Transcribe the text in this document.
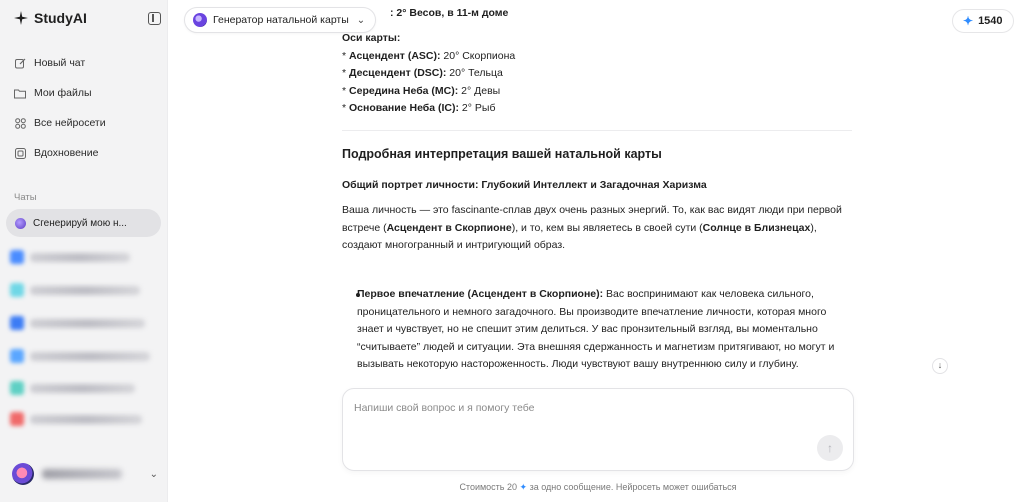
StudyAI
Новый чат
Мои файлы
Все нейросети
Вдохновение
Чаты
Сгенерируй мою н...
⌄
Генератор натальной карты ⌄	✦ 1540
: 2° Весов, в 11-м доме
Оси карты:
* Асцендент (ASC): 20° Скорпиона
* Десцендент (DSC): 20° Тельца
* Середина Неба (MC): 2° Девы
* Основание Неба (IC): 2° Рыб
Подробная интерпретация вашей натальной карты
Общий портрет личности: Глубокий Интеллект и Загадочная Харизма
Ваша личность — это fascinante-сплав двух очень разных энергий. То, как вас видят люди при первой встрече (Асцендент в Скорпионе), и то, кем вы являетесь в своей сути (Солнце в Близнецах), создают многогранный и интригующий образ.
Первое впечатление (Асцендент в Скорпионе): Вас воспринимают как человека сильного, проницательного и немного загадочного. Вы производите впечатление личности, которая много знает и чувствует, но не спешит этим делиться. У вас пронзительный взгляд, вы моментально “считываете” людей и ситуации. Эта внешняя сдержанность и магнетизм притягивают, но могут и вызывать некоторую настороженность. Люди чувствуют вашу внутреннюю силу и глубину.	↓
Напиши свой вопрос и я помогу тебе
↑
Стоимость 20 ✦ за одно сообщение. Нейросеть может ошибаться
